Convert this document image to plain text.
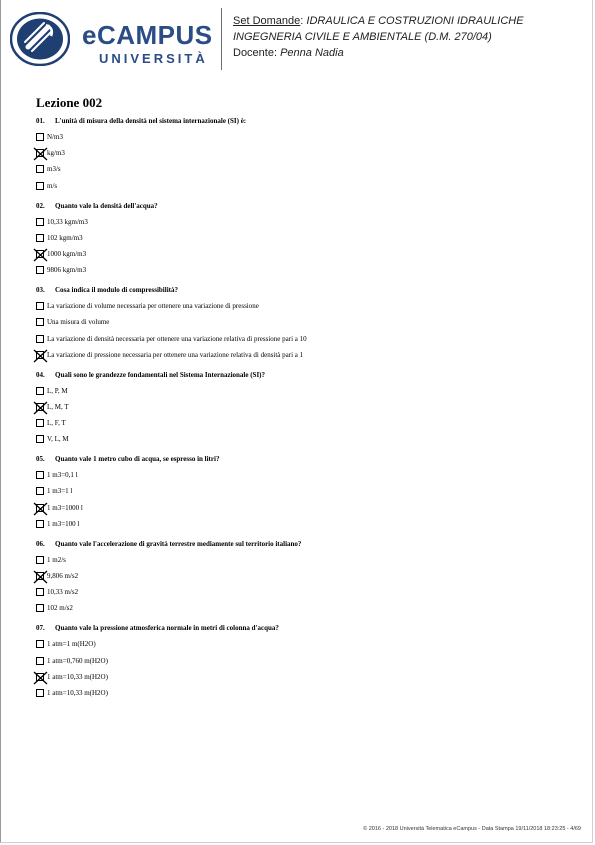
eCAMPUS
UNIVERSITÀ
Set Domande: IDRAULICA E COSTRUZIONI IDRAULICHE INGEGNERIA CIVILE E AMBIENTALE (D.M. 270/04)
Docente: Penna Nadia
Lezione 002
01. L'unità di misura della densità nel sistema internazionale (SI) è:
N/m3
kg/m3
m3/s
m/s
02. Quanto vale la densità dell'acqua?
10,33 kgm/m3
102 kgm/m3
1000 kgm/m3
9806 kgm/m3
03. Cosa indica il modulo di compressibilità?
La variazione di volume necessaria per ottenere una variazione di pressione
Una misura di volume
La variazione di densità necessaria per ottenere una variazione relativa di pressione pari a 10
La variazione di pressione necessaria per ottenere una variazione relativa di densità pari a 1
04. Quali sono le grandezze fondamentali nel Sistema Internazionale (SI)?
L, P, M
L, M, T
L, F, T
V, L, M
05. Quanto vale 1 metro cubo di acqua, se espresso in litri?
1 m3=0,1 l
1 m3=1 l
1 m3=1000 l
1 m3=100 l
06. Quanto vale l'accelerazione di gravità terrestre mediamente sul territorio italiano?
1 m2/s
9,806 m/s2
10,33 m/s2
102 m/s2
07. Quanto vale la pressione atmosferica normale in metri di colonna d'acqua?
1 atm=1 m(H2O)
1 atm=0,760 m(H2O)
1 atm=10,33 m(H2O)
1 atm=10,33 m(H2O)
© 2016 - 2018 Università Telematica eCampus - Data Stampa 19/11/2018 18:23:25 - 4/69
